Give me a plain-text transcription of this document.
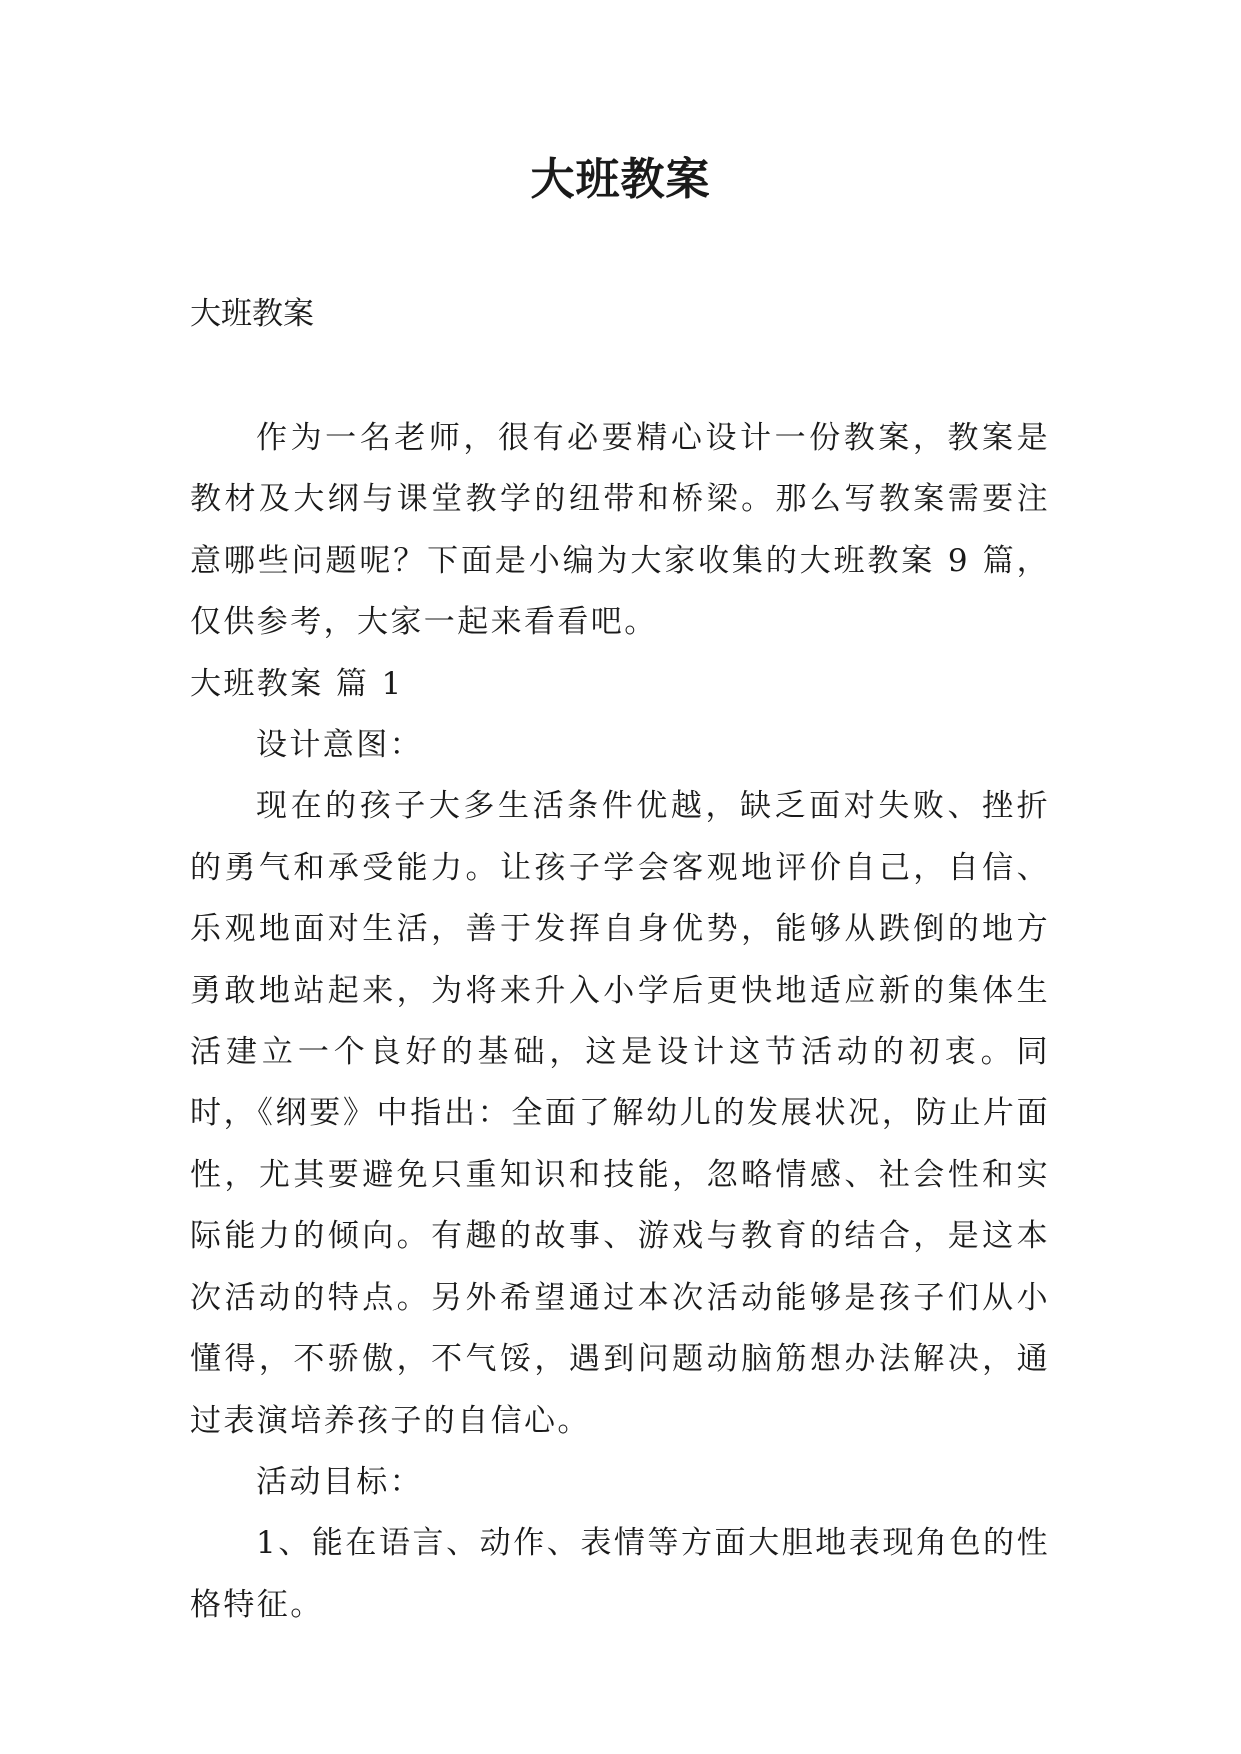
大班教案
大班教案

作为一名老师，很有必要精心设计一份教案，教案是教材及大纲与课堂教学的纽带和桥梁。那么写教案需要注意哪些问题呢？下面是小编为大家收集的大班教案 9 篇，仅供参考，大家一起来看看吧。

大班教案 篇 1

设计意图：

现在的孩子大多生活条件优越，缺乏面对失败、挫折的勇气和承受能力。让孩子学会客观地评价自己，自信、乐观地面对生活，善于发挥自身优势，能够从跌倒的地方勇敢地站起来，为将来升入小学后更快地适应新的集体生活建立一个良好的基础，这是设计这节活动的初衷。同时，《纲要》中指出：全面了解幼儿的发展状况，防止片面性，尤其要避免只重知识和技能，忽略情感、社会性和实际能力的倾向。有趣的故事、游戏与教育的结合，是这本次活动的特点。另外希望通过本次活动能够是孩子们从小懂得，不骄傲，不气馁，遇到问题动脑筋想办法解决，通过表演培养孩子的自信心。

活动目标：

1、能在语言、动作、表情等方面大胆地表现角色的性格特征。
